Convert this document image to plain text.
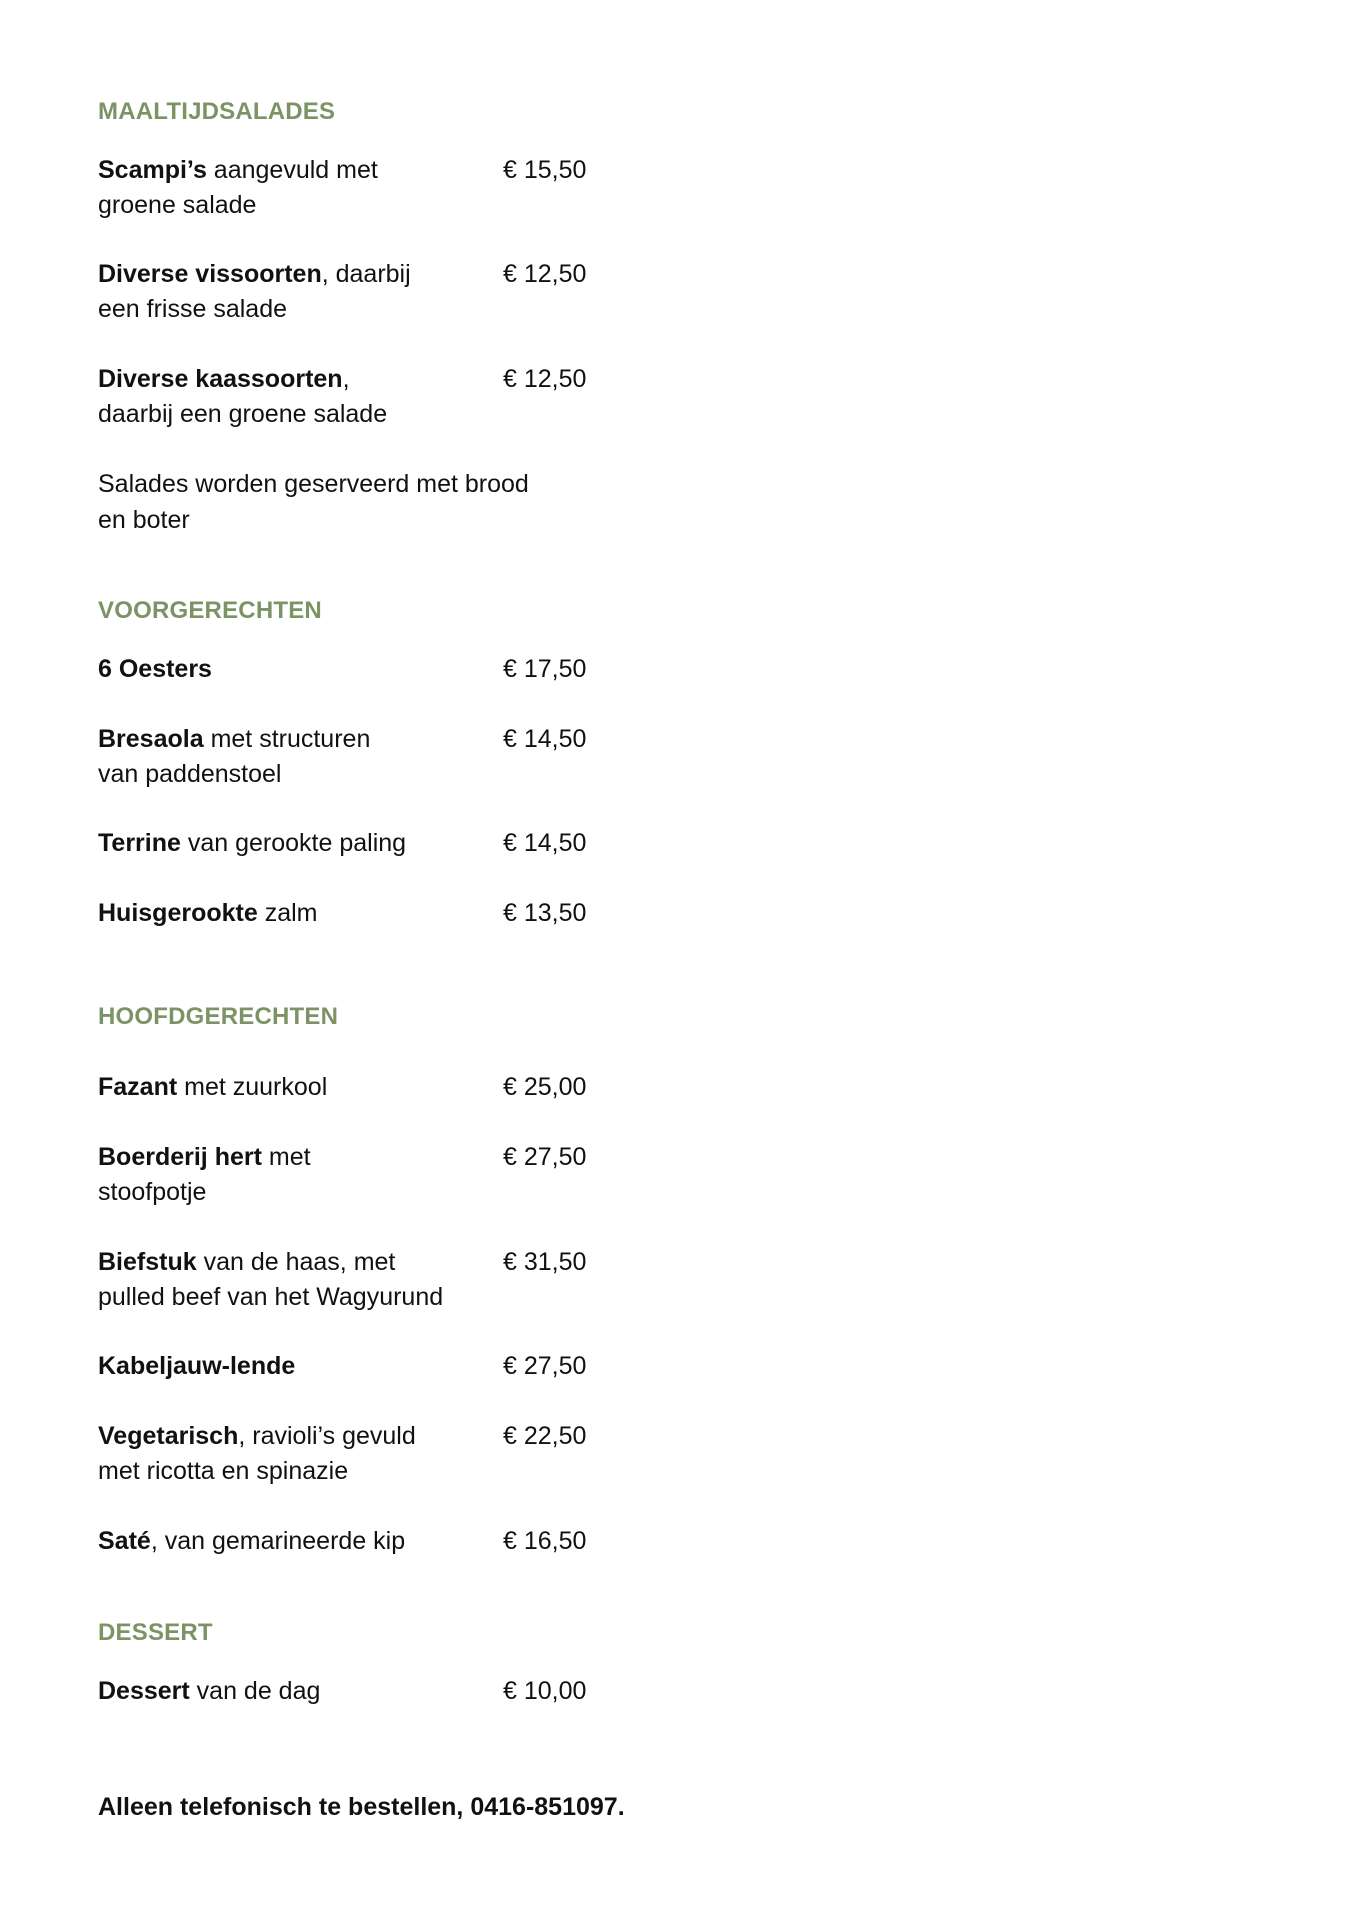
MAALTIJDSALADES
Scampi’s aangevuld met
groene salade
€ 15,50
Diverse vissoorten, daarbij
een frisse salade
€ 12,50
Diverse kaassoorten,
daarbij een groene salade
€ 12,50
Salades worden geserveerd met brood
en boter
VOORGERECHTEN
6 Oesters	€ 17,50
Bresaola met structuren
van paddenstoel
€ 14,50
Terrine van gerookte paling	€ 14,50
Huisgerookte zalm	€ 13,50
HOOFDGERECHTEN
Fazant met zuurkool	€ 25,00
Boerderij hert met
stoofpotje
€ 27,50
Biefstuk van de haas, met
pulled beef van het Wagyurund
€ 31,50
Kabeljauw-lende	€ 27,50
Vegetarisch, ravioli’s gevuld
met ricotta en spinazie
€ 22,50
Saté, van gemarineerde kip	€ 16,50
DESSERT
Dessert van de dag	€ 10,00
Alleen telefonisch te bestellen, 0416-851097.
